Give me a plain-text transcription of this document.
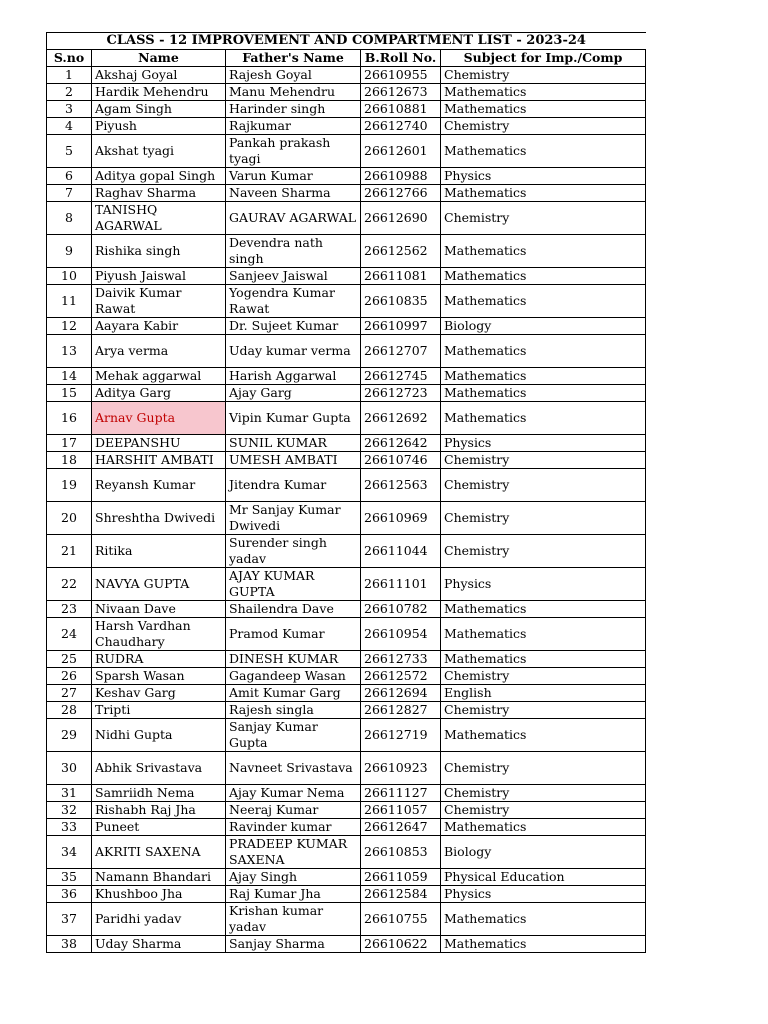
CLASS - 12 IMPROVEMENT AND COMPARTMENT LIST - 2023-24				
S.no	Name	Father's Name	B.Roll No.	Subject for Imp./Comp
1	Akshaj Goyal	Rajesh Goyal	26610955	Chemistry
2	Hardik Mehendru	Manu Mehendru	26612673	Mathematics
3	Agam Singh	Harinder singh	26610881	Mathematics
4	Piyush	Rajkumar	26612740	Chemistry
5	Akshat tyagi	Pankah prakash tyagi	26612601	Mathematics
6	Aditya gopal Singh	Varun Kumar	26610988	Physics
7	Raghav Sharma	Naveen Sharma	26612766	Mathematics
8	TANISHQ AGARWAL	GAURAV AGARWAL	26612690	Chemistry
9	Rishika singh	Devendra nath singh	26612562	Mathematics
10	Piyush Jaiswal	Sanjeev Jaiswal	26611081	Mathematics
11	Daivik Kumar Rawat	Yogendra Kumar Rawat	26610835	Mathematics
12	Aayara Kabir	Dr. Sujeet Kumar	26610997	Biology
13	Arya verma	Uday kumar verma	26612707	Mathematics
14	Mehak aggarwal	Harish Aggarwal	26612745	Mathematics
15	Aditya Garg	Ajay Garg	26612723	Mathematics
16	Arnav Gupta	Vipin Kumar Gupta	26612692	Mathematics
17	DEEPANSHU	SUNIL KUMAR	26612642	Physics
18	HARSHIT AMBATI	UMESH AMBATI	26610746	Chemistry
19	Reyansh Kumar	Jitendra Kumar	26612563	Chemistry
20	Shreshtha Dwivedi	Mr Sanjay Kumar Dwivedi	26610969	Chemistry
21	Ritika	Surender singh yadav	26611044	Chemistry
22	NAVYA GUPTA	AJAY KUMAR GUPTA	26611101	Physics
23	Nivaan Dave	Shailendra Dave	26610782	Mathematics
24	Harsh Vardhan Chaudhary	Pramod Kumar	26610954	Mathematics
25	RUDRA	DINESH KUMAR	26612733	Mathematics
26	Sparsh Wasan	Gagandeep Wasan	26612572	Chemistry
27	Keshav Garg	Amit Kumar Garg	26612694	English
28	Tripti	Rajesh singla	26612827	Chemistry
29	Nidhi Gupta	Sanjay Kumar Gupta	26612719	Mathematics
30	Abhik Srivastava	Navneet Srivastava	26610923	Chemistry
31	Samriidh Nema	Ajay Kumar Nema	26611127	Chemistry
32	Rishabh Raj Jha	Neeraj Kumar	26611057	Chemistry
33	Puneet	Ravinder kumar	26612647	Mathematics
34	AKRITI SAXENA	PRADEEP KUMAR SAXENA	26610853	Biology
35	Namann Bhandari	Ajay Singh	26611059	Physical Education
36	Khushboo Jha	Raj Kumar Jha	26612584	Physics
37	Paridhi yadav	Krishan kumar yadav	26610755	Mathematics
38	Uday Sharma	Sanjay Sharma	26610622	Mathematics
